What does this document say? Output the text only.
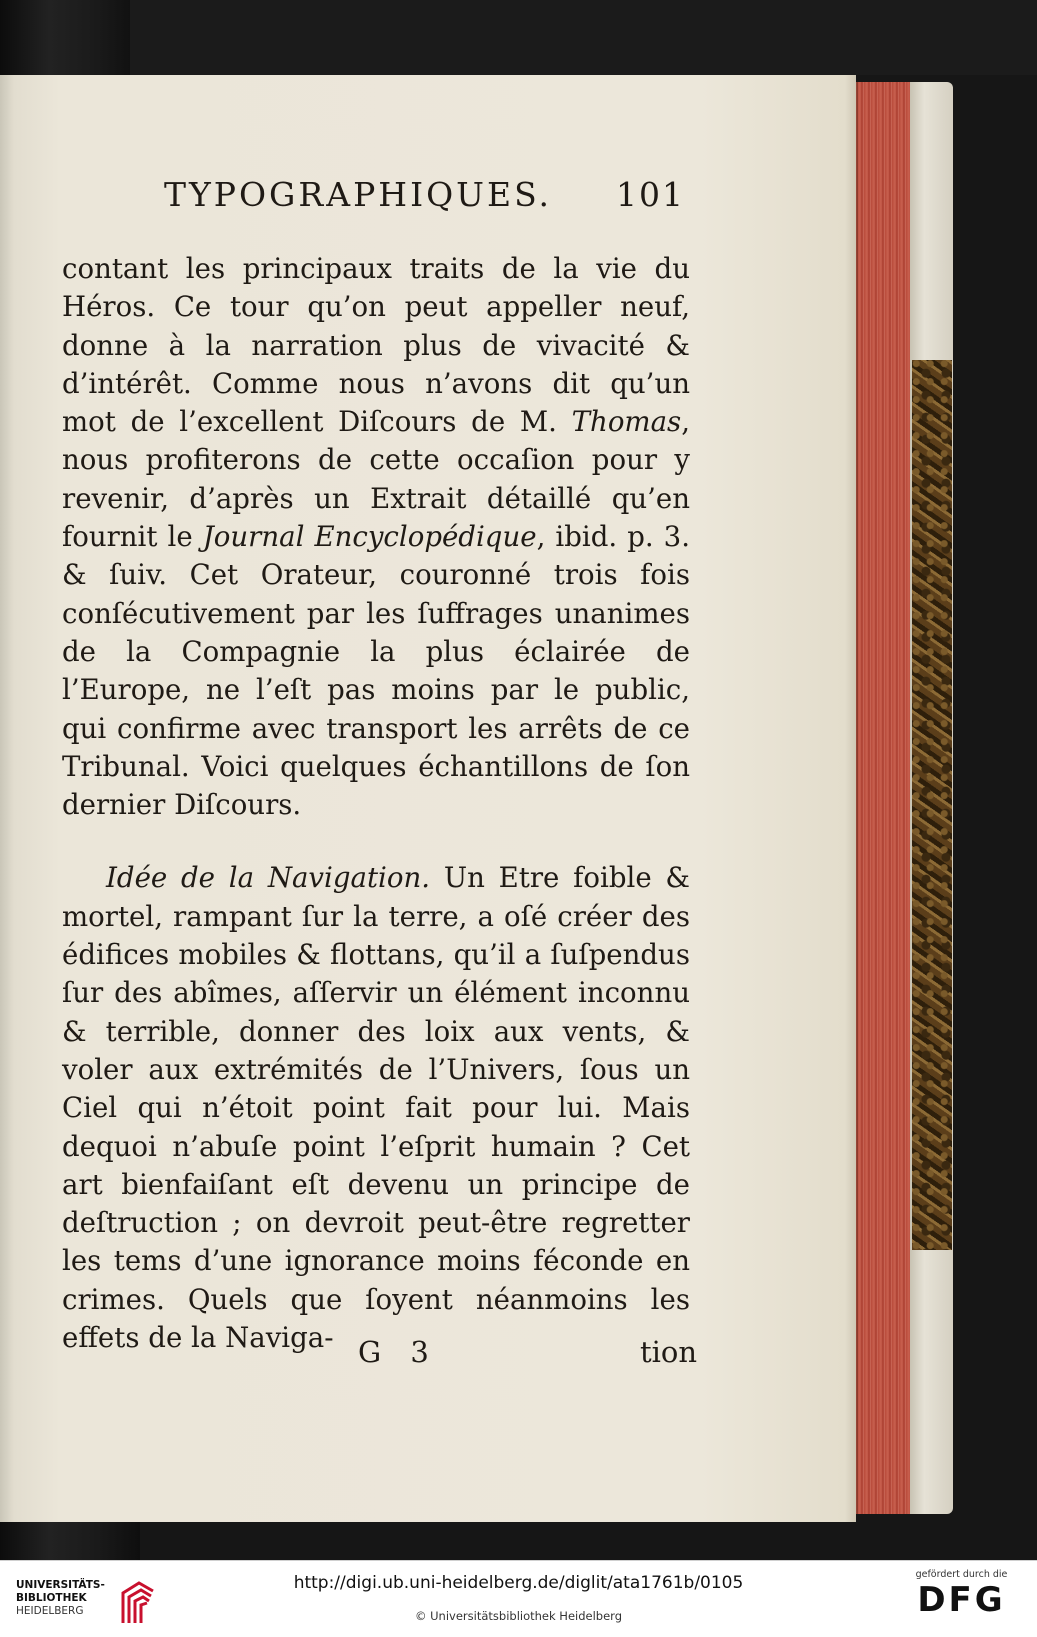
TYPOGRAPHIQUES. 101

contant les principaux traits de la vie du Héros. Ce tour qu’on peut appeller neuf, donne à la narration plus de vivacité & d’intérêt. Comme nous n’avons dit qu’un mot de l’excellent Diſcours de M. Thomas, nous profiterons de cette occaſion pour y revenir, d’après un Extrait détaillé qu’en fournit le Journal Encyclopédique, ibid. p. 3. & ſuiv. Cet Orateur, couronné trois fois conſécutivement par les ſuffrages unanimes de la Compagnie la plus éclairée de l’Europe, ne l’eſt pas moins par le public, qui confirme avec transport les arrêts de ce Tribunal. Voici quelques échantillons de ſon dernier Diſcours.

Idée de la Navigation. Un Etre foible & mortel, rampant ſur la terre, a oſé créer des édifices mobiles & flottans, qu’il a ſuſpendus ſur des abîmes, aſſervir un élément inconnu & terrible, donner des loix aux vents, & voler aux extrémités de l’Univers, ſous un Ciel qui n’étoit point fait pour lui. Mais dequoi n’abuſe point l’eſprit humain ? Cet art bienfaiſant eſt devenu un principe de deſtruction ; on devroit peut-être regretter les tems d’une ignorance moins féconde en crimes. Quels que ſoyent néanmoins les effets de la Naviga- G 3	tion
UNIVERSITÄTS-
BIBLIOTHEK
HEIDELBERG
http://digi.ub.uni-heidelberg.de/diglit/ata1761b/0105
© Universitätsbibliothek Heidelberg
gefördert durch die
DFG
